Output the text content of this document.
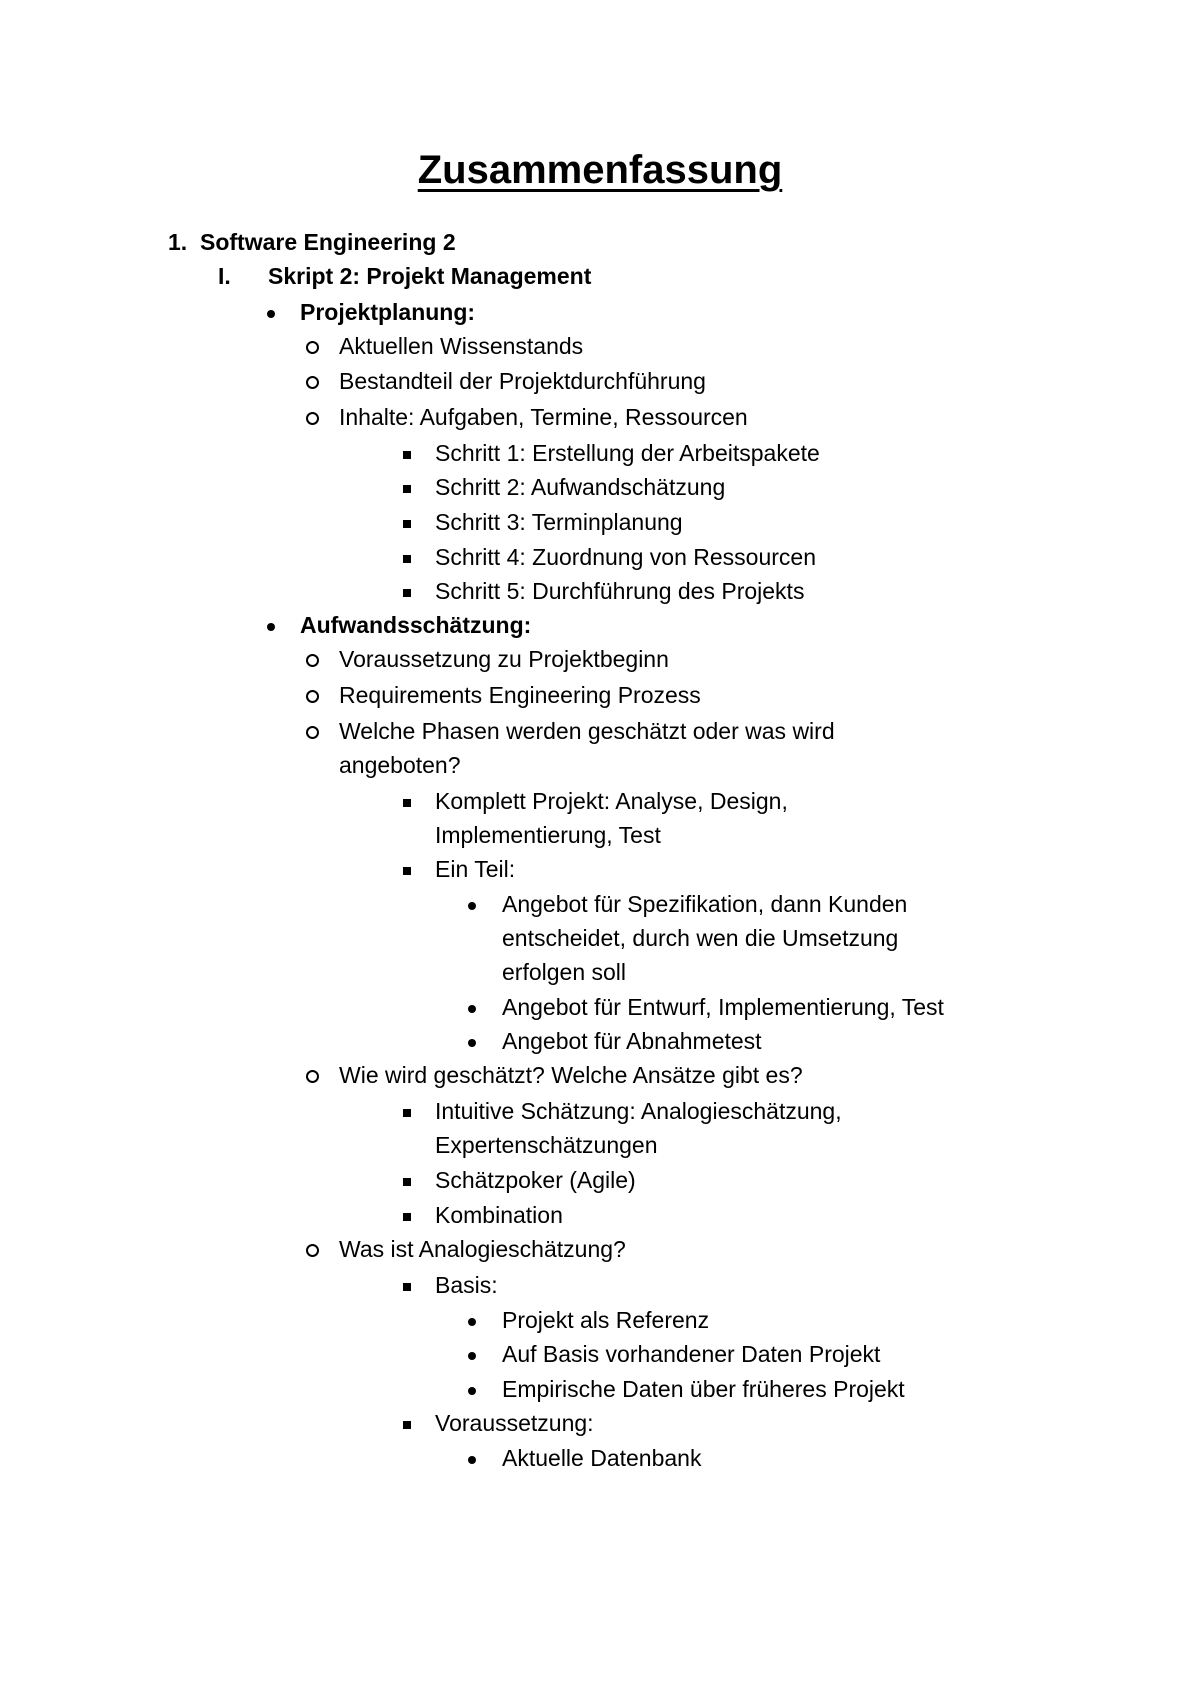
Zusammenfassung
1. Software Engineering 2
I. Skript 2: Projekt Management
Projektplanung:
Aktuellen Wissenstands
Bestandteil der Projektdurchführung
Inhalte: Aufgaben, Termine, Ressourcen
Schritt 1: Erstellung der Arbeitspakete
Schritt 2: Aufwandschätzung
Schritt 3: Terminplanung
Schritt 4: Zuordnung von Ressourcen
Schritt 5: Durchführung des Projekts
Aufwandsschätzung:
Voraussetzung zu Projektbeginn
Requirements Engineering Prozess
Welche Phasen werden geschätzt oder was wird
angeboten?
Komplett Projekt: Analyse, Design,
Implementierung, Test
Ein Teil:
Angebot für Spezifikation, dann Kunden
entscheidet, durch wen die Umsetzung
erfolgen soll
Angebot für Entwurf, Implementierung, Test
Angebot für Abnahmetest
Wie wird geschätzt? Welche Ansätze gibt es?
Intuitive Schätzung: Analogieschätzung,
Expertenschätzungen
Schätzpoker (Agile)
Kombination
Was ist Analogieschätzung?
Basis:
Projekt als Referenz
Auf Basis vorhandener Daten Projekt
Empirische Daten über früheres Projekt
Voraussetzung:
Aktuelle Datenbank
